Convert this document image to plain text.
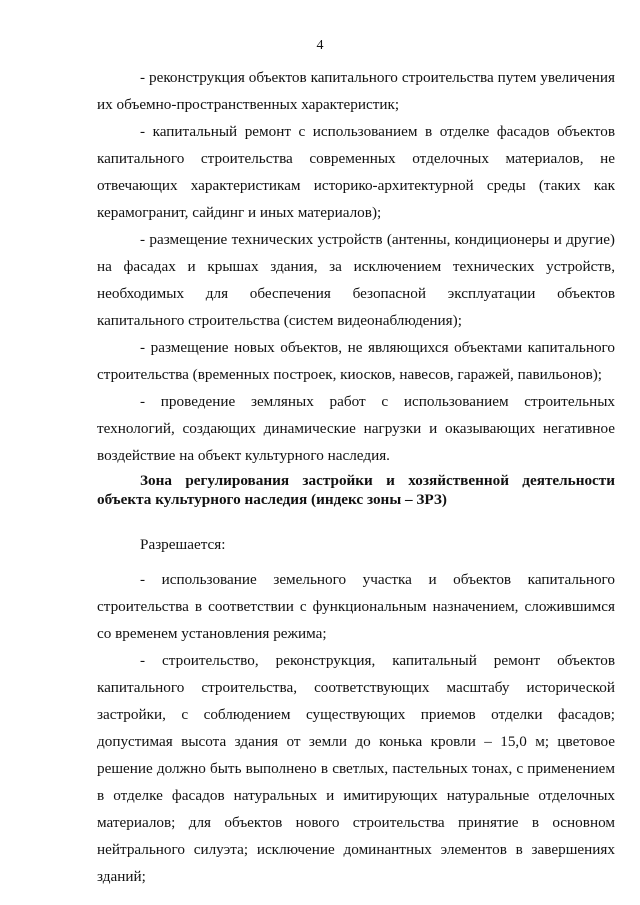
4

- реконструкция объектов капитального строительства путем увеличения их объемно-пространственных характеристик;

- капитальный ремонт с использованием в отделке фасадов объектов капитального строительства современных отделочных материалов, не отвечающих характеристикам историко-архитектурной среды (таких как керамогранит, сайдинг и иных материалов);

- размещение технических устройств (антенны, кондиционеры и другие) на фасадах и крышах здания, за исключением технических устройств, необходимых для обеспечения безопасной эксплуатации объектов капитального строительства (систем видеонаблюдения);

- размещение новых объектов, не являющихся объектами капитального строительства (временных построек, киосков, навесов, гаражей, павильонов);

- проведение земляных работ с использованием строительных технологий, создающих динамические нагрузки и оказывающих негативное воздействие на объект культурного наследия.

Зона регулирования застройки и хозяйственной деятельности объекта культурного наследия (индекс зоны – ЗРЗ)

Разрешается:

- использование земельного участка и объектов капитального строительства в соответствии с функциональным назначением, сложившимся со временем установления режима;

- строительство, реконструкция, капитальный ремонт объектов капитального строительства, соответствующих масштабу исторической застройки, с соблюдением существующих приемов отделки фасадов; допустимая высота здания от земли до конька кровли – 15,0 м; цветовое решение должно быть выполнено в светлых, пастельных тонах, с применением в отделке фасадов натуральных и имитирующих натуральные отделочных материалов; для объектов нового строительства принятие в основном нейтрального силуэта; исключение доминантных элементов в завершениях зданий;
